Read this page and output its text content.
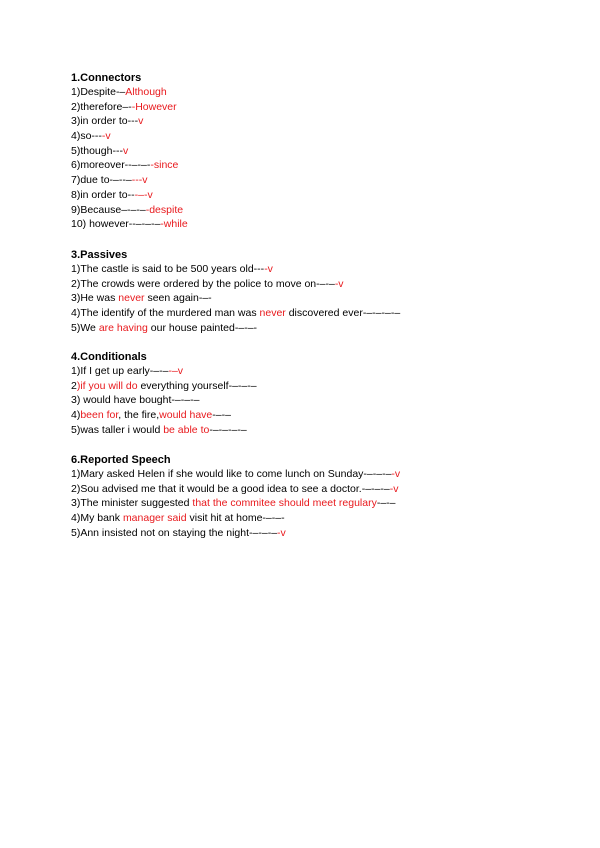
1.Connectors
1)Despite-–Although
2)therefore–--However
3)in order to---v
4)so----v
5)though---v
6)moreover--–-–--since
7)due to-–--–---v
8)in order to---–-v
9)Because–-–-–-despite
10) however--–-–-–-while
3.Passives
1)The castle is said to be 500 years old----v
2)The crowds were ordered by the police to move on-–-–-v
3)He was never seen again-–-
4)The identify of the murdered man was never discovered ever-–-–-–-–
5)We are having our house painted-–-–-
4.Conditionals
1)If I get up early-–-–-–v
2)if you will do everything yourself-–-–-–
3) would have bought-–-–-–
4)been for, the fire,would have-–-–
5)was taller i would be able to-–-–-–-–
6.Reported Speech
1)Mary asked Helen if she would like to come lunch on Sunday-–-–-–-v
2)Sou advised me that it would be a good idea to see a doctor.-–-–-–-v
3)The minister suggested that the commitee should meet regulary-–-–
4)My bank manager said visit hit at home-–-–-
5)Ann insisted not on staying the night-–-–-–-v
